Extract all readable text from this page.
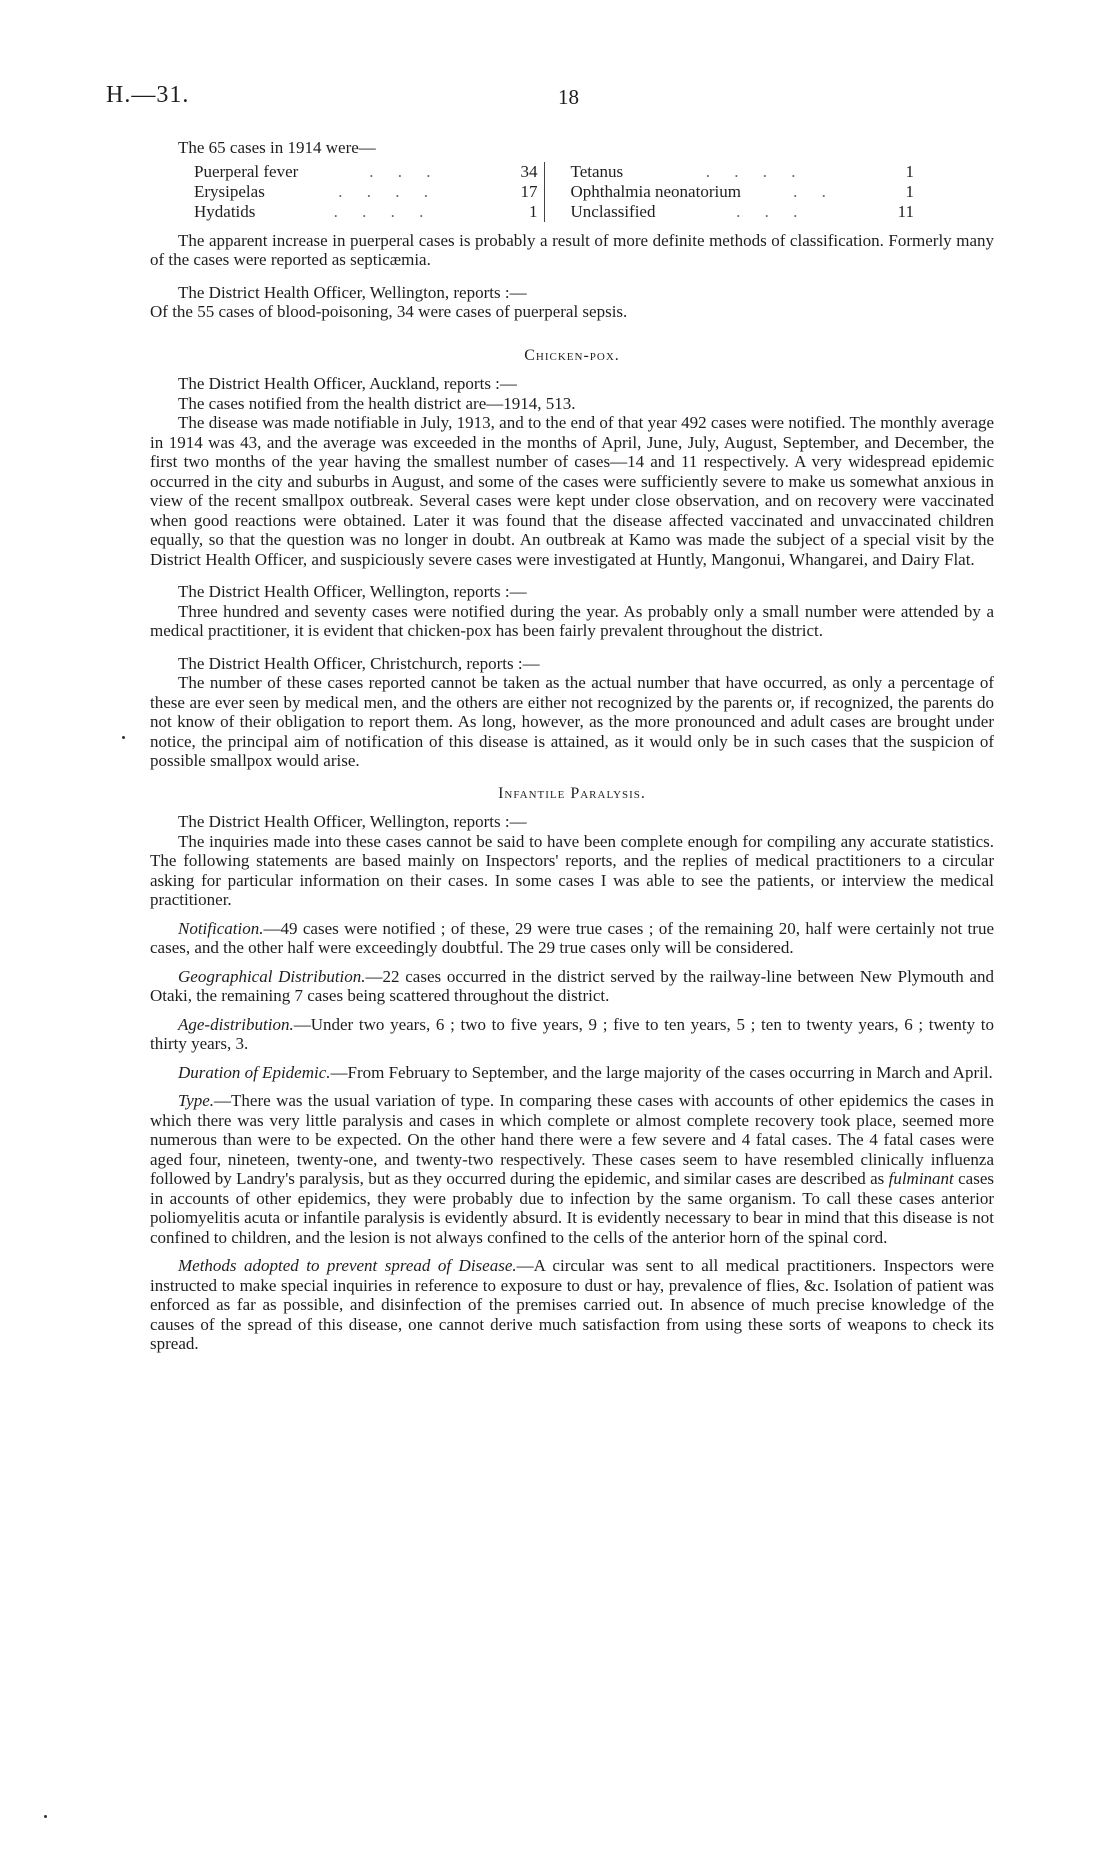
H.—31.	18

The 65 cases in 1914 were—

Puerperal fever	. . .	34
Erysipelas	. . . .	17
Hydatids	. . . .	1
Tetanus	. . . .	1
Ophthalmia neonatorium	. .	1
Unclassified	. . .	11

The apparent increase in puerperal cases is probably a result of more definite methods of classification. Formerly many of the cases were reported as septicæmia.

The District Health Officer, Wellington, reports :—

Of the 55 cases of blood-poisoning, 34 were cases of puerperal sepsis.

Chicken-pox.

The District Health Officer, Auckland, reports :—

The cases notified from the health district are—1914, 513.

The disease was made notifiable in July, 1913, and to the end of that year 492 cases were notified. The monthly average in 1914 was 43, and the average was exceeded in the months of April, June, July, August, September, and December, the first two months of the year having the smallest number of cases—14 and 11 respectively. A very widespread epidemic occurred in the city and suburbs in August, and some of the cases were sufficiently severe to make us somewhat anxious in view of the recent smallpox outbreak. Several cases were kept under close observation, and on recovery were vaccinated when good reactions were obtained. Later it was found that the disease affected vaccinated and unvaccinated children equally, so that the question was no longer in doubt. An outbreak at Kamo was made the subject of a special visit by the District Health Officer, and suspiciously severe cases were investigated at Huntly, Mangonui, Whangarei, and Dairy Flat.

The District Health Officer, Wellington, reports :—

Three hundred and seventy cases were notified during the year. As probably only a small number were attended by a medical practitioner, it is evident that chicken-pox has been fairly prevalent throughout the district.

The District Health Officer, Christchurch, reports :—

The number of these cases reported cannot be taken as the actual number that have occurred, as only a percentage of these are ever seen by medical men, and the others are either not recognized by the parents or, if recognized, the parents do not know of their obligation to report them. As long, however, as the more pronounced and adult cases are brought under notice, the principal aim of notification of this disease is attained, as it would only be in such cases that the suspicion of possible smallpox would arise.

Infantile Paralysis.

The District Health Officer, Wellington, reports :—

The inquiries made into these cases cannot be said to have been complete enough for compiling any accurate statistics. The following statements are based mainly on Inspectors' reports, and the replies of medical practitioners to a circular asking for particular information on their cases. In some cases I was able to see the patients, or interview the medical practitioner.

Notification.—49 cases were notified ; of these, 29 were true cases ; of the remaining 20, half were certainly not true cases, and the other half were exceedingly doubtful. The 29 true cases only will be considered.

Geographical Distribution.—22 cases occurred in the district served by the railway-line between New Plymouth and Otaki, the remaining 7 cases being scattered throughout the district.

Age-distribution.—Under two years, 6 ; two to five years, 9 ; five to ten years, 5 ; ten to twenty years, 6 ; twenty to thirty years, 3.

Duration of Epidemic.—From February to September, and the large majority of the cases occurring in March and April.

Type.—There was the usual variation of type. In comparing these cases with accounts of other epidemics the cases in which there was very little paralysis and cases in which complete or almost complete recovery took place, seemed more numerous than were to be expected. On the other hand there were a few severe and 4 fatal cases. The 4 fatal cases were aged four, nineteen, twenty-one, and twenty-two respectively. These cases seem to have resembled clinically influenza followed by Landry's paralysis, but as they occurred during the epidemic, and similar cases are described as fulminant cases in accounts of other epidemics, they were probably due to infection by the same organism. To call these cases anterior poliomyelitis acuta or infantile paralysis is evidently absurd. It is evidently necessary to bear in mind that this disease is not confined to children, and the lesion is not always confined to the cells of the anterior horn of the spinal cord.

Methods adopted to prevent spread of Disease.—A circular was sent to all medical practitioners. Inspectors were instructed to make special inquiries in reference to exposure to dust or hay, prevalence of flies, &c. Isolation of patient was enforced as far as possible, and disinfection of the premises carried out. In absence of much precise knowledge of the causes of the spread of this disease, one cannot derive much satisfaction from using these sorts of weapons to check its spread.
